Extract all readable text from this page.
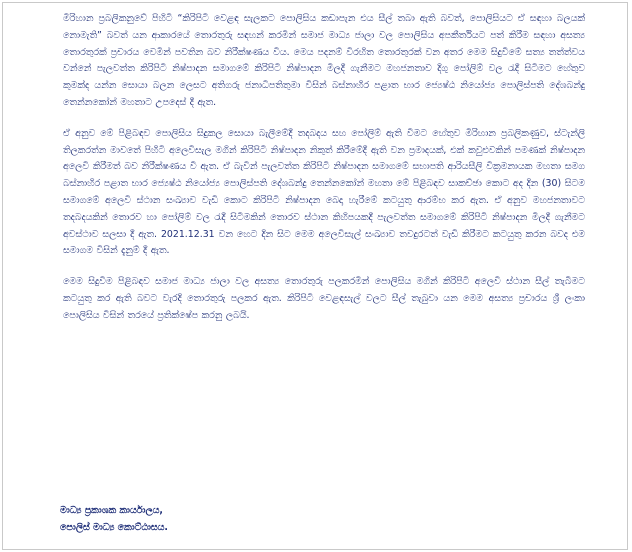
මිරිහාන ප්‍රබලිකනුවේ පිහිටි “කිරිපිටි වෙළඳ සැලකට පොලිසිය කඩාපැන එය සීල් තබා ඇති බවත්, පොලිසියට ඒ සඳහා බලයක් නොමැති” බවත් යන ආකාරයේ තොරතුරු සඳහන් කරමින් සමාජ මාධ්‍ය ජාලා වල පොලිසිය අපකීර්තියට පත් කිරීම සඳහා අසත්‍ය තොරතුරක් ප්‍රචාරය වෙමින් පවතින බව නිරීක්ෂණය විය. මෙය පදනම් විරහිත තොරතුරක් වන අතර මෙම සිදුවීමේ සත්‍ය තත්ත්වය වන්නේ පැලවත්ත කිරිපිටි නිෂ්පාදන සමාගමේ කිරිපිටි නිෂ්පාදන මිලදී ගැනීමට මහජනතාව දිගු පෝලිම් වල රැදී සිටීමට හේතුව කුමක්ද යන්න සොයා බලන ලෙසට අතිගරු ජනාධිපතිතුමා විසින් බස්නාහිර පළාත භාර ජ්‍යෙෂ්ඨ නියෝජ්‍ය පොලිස්පති දේශබන්දු තෙන්නකෝන් මහතාට උපදෙස් දී ඇත.

ඒ අනුව මේ පිළිබඳව පොලිසිය සිදුකල සොයා බැලීමේදී තදබදය සහ පෝලිම් ඇති වීමට හේතුව මිරිහාන ප්‍රබලිකණුව, ස්ටැන්ලි තිලකරත්න මාවතේ පිහිටි අලෙවිසැල මගින් කිරිපිටි නිෂ්පාදන නිකුත් කිරීමේදී ඇති වන ප්‍රමාදයක්, එක් කවුළුවකින් පමණක් නිෂ්පාදන අලෙවි කිරීමත් බව නිරීක්ෂණය වී ඇත. ඒ බැවින් පැලවත්ත කිරිපිටි නිෂ්පාදන සමාගමේ සභාපති ආරියසීලි වික්‍රමනායක මහතා සමග බස්නාහිර පළාත භාර ජ්‍යෙෂ්ඨ නියෝජ්‍ය පොලිස්පති දේශබන්දු තෙන්නකෝන් මහතා මේ පිළිබඳව සාකච්ඡා කොට අද දින (30) සිටම සමාගමේ අලෙවි ස්ථාන සංඛ්‍යාව වැඩි කොට කිරිපිටි නිෂ්පාදන බෙදා හැරීමේ කටයුතු ආරම්භ කර ඇත. ඒ අනුව මහජනතාවට තදබදයකින් තොරව හා පෝලිම් වල රැදී සිටීමකින් තොරව ස්ථාන කිහිපයකදී පැලවත්ත සමාගමේ කිරිපිටි නිෂ්පාදන මිලදී ගැනීමට අවස්ථාව සලසා දී ඇත. 2021.12.31 වන හෙට දින සිට මෙම අලෙවිසැල් සංඛ්‍යාව තවදුරටත් වැඩි කිරීමට කටයුතු කරන බවද එම සමාගම විසින් දැනුම් දී ඇත.

මෙම සිදුවීම පිළිබඳව සමාජ මාධ්‍ය ජාලා වල අසත්‍ය තොරතුරු පලකරමින් පොලිසිය මගින් කිරිපිටි අලෙවි ස්ථාන සීල් තැබීමට කටයුතු කර ඇති බවට වැරදි තොරතුරු පලකර ඇත. කිරිපිටි වෙළඳසැල් වලට සීල් තැබුවා යන මෙම අසත්‍ය ප්‍රචාරය ශ්‍රී ලංකා පොලිසිය විසින් තරයේ ප්‍රතික්ෂේප කරනු ලබයි.

මාධ්‍ය ප්‍රකාශක කාර්යාලය,
පොලිස් මාධ්‍ය කොට්ඨාසය.
